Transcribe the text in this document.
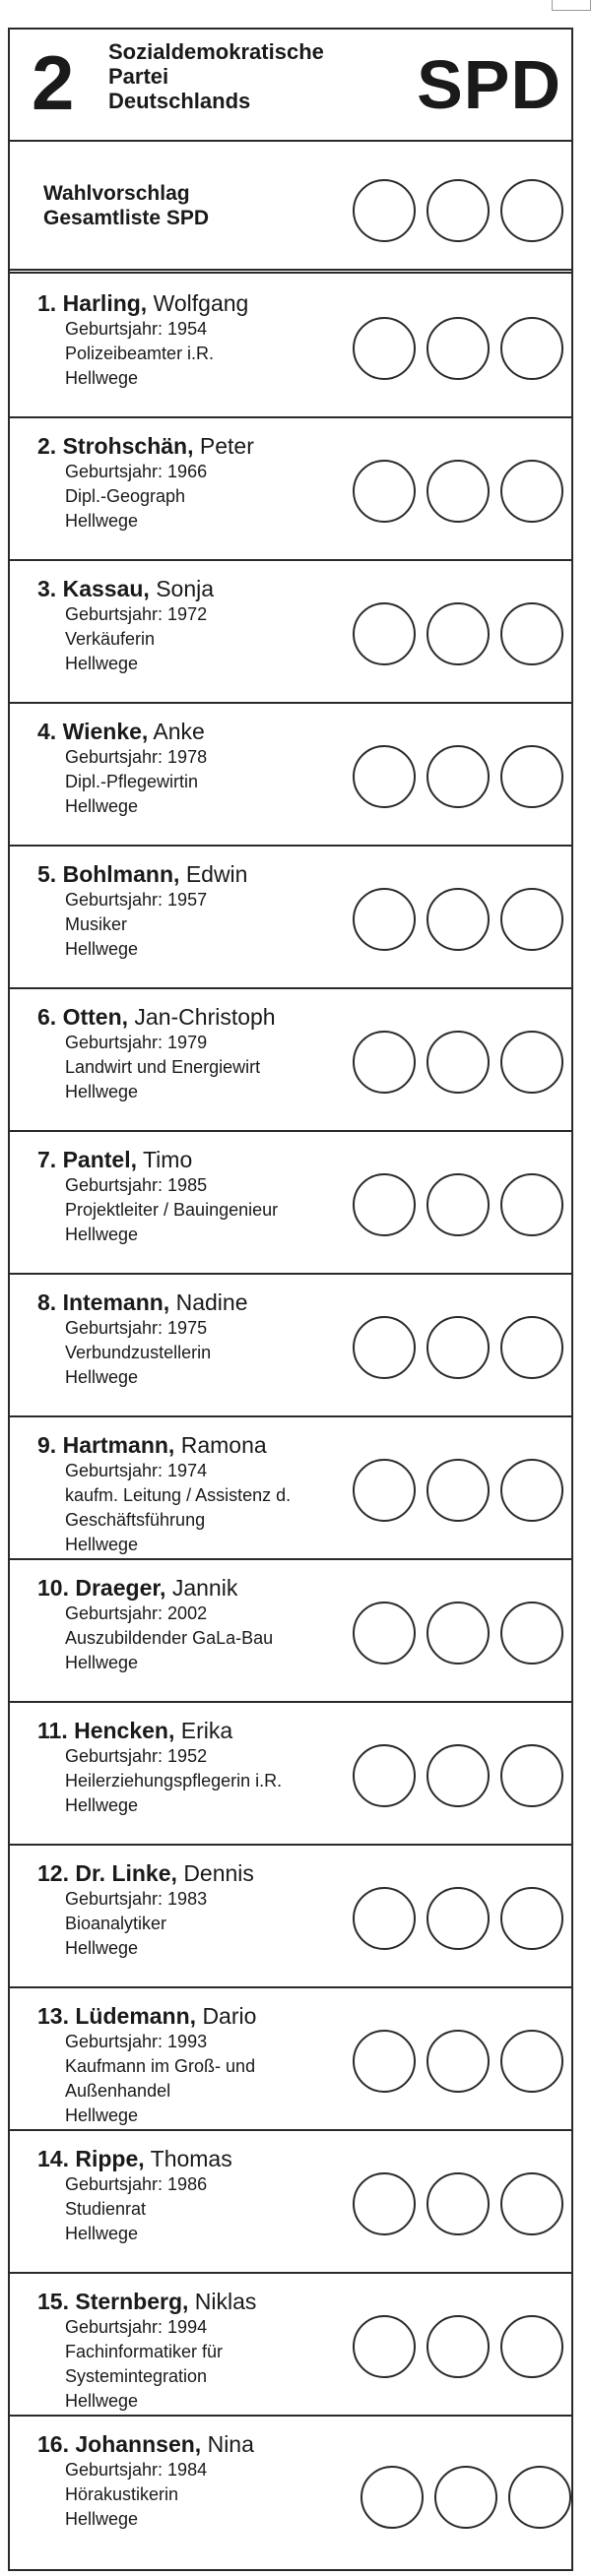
2 Sozialdemokratische
Partei
Deutschlands	SPD
Wahlvorschlag
Gesamtliste SPD
1. Harling, Wolfgang
Geburtsjahr: 1954
Polizeibeamter i.R.
Hellwege
2. Strohschän, Peter
Geburtsjahr: 1966
Dipl.-Geograph
Hellwege
3. Kassau, Sonja
Geburtsjahr: 1972
Verkäuferin
Hellwege
4. Wienke, Anke
Geburtsjahr: 1978
Dipl.-Pflegewirtin
Hellwege
5. Bohlmann, Edwin
Geburtsjahr: 1957
Musiker
Hellwege
6. Otten, Jan-Christoph
Geburtsjahr: 1979
Landwirt und Energiewirt
Hellwege
7. Pantel, Timo
Geburtsjahr: 1985
Projektleiter / Bauingenieur
Hellwege
8. Intemann, Nadine
Geburtsjahr: 1975
Verbundzustellerin
Hellwege
9. Hartmann, Ramona
Geburtsjahr: 1974
kaufm. Leitung / Assistenz d.
Geschäftsführung
Hellwege
10. Draeger, Jannik
Geburtsjahr: 2002
Auszubildender GaLa-Bau
Hellwege
11. Hencken, Erika
Geburtsjahr: 1952
Heilerziehungspflegerin i.R.
Hellwege
12. Dr. Linke, Dennis
Geburtsjahr: 1983
Bioanalytiker
Hellwege
13. Lüdemann, Dario
Geburtsjahr: 1993
Kaufmann im Groß- und
Außenhandel
Hellwege
14. Rippe, Thomas
Geburtsjahr: 1986
Studienrat
Hellwege
15. Sternberg, Niklas
Geburtsjahr: 1994
Fachinformatiker für
Systemintegration
Hellwege
16. Johannsen, Nina
Geburtsjahr: 1984
Hörakustikerin
Hellwege
